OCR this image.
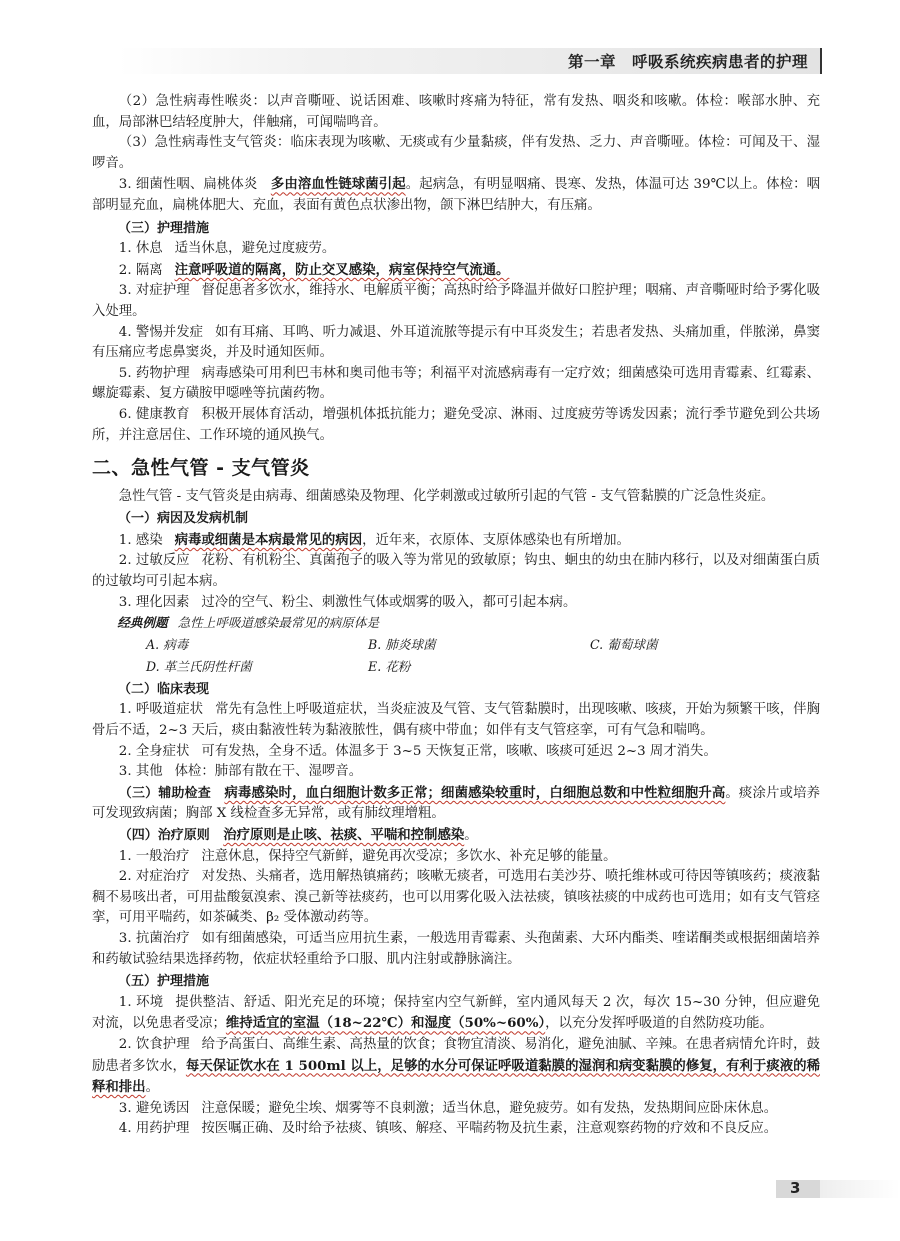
第一章　呼吸系统疾病患者的护理

（2）急性病毒性喉炎：以声音嘶哑、说话困难、咳嗽时疼痛为特征，常有发热、咽炎和咳嗽。体检：喉部水肿、充血，局部淋巴结轻度肿大，伴触痛，可闻喘鸣音。

（3）急性病毒性支气管炎：临床表现为咳嗽、无痰或有少量黏痰，伴有发热、乏力、声音嘶哑。体检：可闻及干、湿啰音。

3. 细菌性咽、扁桃体炎　 多由溶血性链球菌引起。起病急，有明显咽痛、畏寒、发热，体温可达 39℃以上。体检：咽部明显充血，扁桃体肥大、充血，表面有黄色点状渗出物，颌下淋巴结肿大，有压痛。

（三）护理措施

1. 休息 适当休息，避免过度疲劳。

2. 隔离 注意呼吸道的隔离，防止交叉感染，病室保持空气流通。

3. 对症护理 督促患者多饮水，维持水、电解质平衡；高热时给予降温并做好口腔护理；咽痛、声音嘶哑时给予雾化吸入处理。

4. 警惕并发症 如有耳痛、耳鸣、听力减退、外耳道流脓等提示有中耳炎发生；若患者发热、头痛加重，伴脓涕，鼻窦有压痛应考虑鼻窦炎，并及时通知医师。

5. 药物护理 病毒感染可用利巴韦林和奥司他韦等；利福平对流感病毒有一定疗效；细菌感染可选用青霉素、红霉素、螺旋霉素、复方磺胺甲噁唑等抗菌药物。

6. 健康教育 积极开展体育活动，增强机体抵抗能力；避免受凉、淋雨、过度疲劳等诱发因素；流行季节避免到公共场所，并注意居住、工作环境的通风换气。

二、急性气管 - 支气管炎

急性气管 - 支气管炎是由病毒、细菌感染及物理、化学刺激或过敏所引起的气管 - 支气管黏膜的广泛急性炎症。

（一）病因及发病机制

1. 感染 病毒或细菌是本病最常见的病因，近年来，衣原体、支原体感染也有所增加。

2. 过敏反应 花粉、有机粉尘、真菌孢子的吸入等为常见的致敏原；钩虫、蛔虫的幼虫在肺内移行，以及对细菌蛋白质的过敏均可引起本病。

3. 理化因素 过冷的空气、粉尘、刺激性气体或烟雾的吸入，都可引起本病。

经典例题 急性上呼吸道感染最常见的病原体是

A. 病毒	B. 肺炎球菌	C. 葡萄球菌
D. 革兰氏阴性杆菌	E. 花粉

（二）临床表现

1. 呼吸道症状 常先有急性上呼吸道症状，当炎症波及气管、支气管黏膜时，出现咳嗽、咳痰，开始为频繁干咳，伴胸骨后不适，2~3 天后，痰由黏液性转为黏液脓性，偶有痰中带血；如伴有支气管痉挛，可有气急和喘鸣。

2. 全身症状 可有发热，全身不适。体温多于 3~5 天恢复正常，咳嗽、咳痰可延迟 2~3 周才消失。

3. 其他 体检：肺部有散在干、湿啰音。

（三）辅助检查　 病毒感染时，血白细胞计数多正常；细菌感染较重时，白细胞总数和中性粒细胞升高。痰涂片或培养可发现致病菌；胸部 X 线检查多无异常，或有肺纹理增粗。

（四）治疗原则　 治疗原则是止咳、祛痰、平喘和控制感染。

1. 一般治疗 注意休息，保持空气新鲜，避免再次受凉；多饮水、补充足够的能量。

2. 对症治疗 对发热、头痛者，选用解热镇痛药；咳嗽无痰者，可选用右美沙芬、喷托维林或可待因等镇咳药；痰液黏稠不易咳出者，可用盐酸氨溴索、溴己新等祛痰药，也可以用雾化吸入法祛痰，镇咳祛痰的中成药也可选用；如有支气管痉挛，可用平喘药，如茶碱类、β₂ 受体激动药等。

3. 抗菌治疗 如有细菌感染，可适当应用抗生素，一般选用青霉素、头孢菌素、大环内酯类、喹诺酮类或根据细菌培养和药敏试验结果选择药物，依症状轻重给予口服、肌内注射或静脉滴注。

（五）护理措施

1. 环境 提供整洁、舒适、阳光充足的环境；保持室内空气新鲜，室内通风每天 2 次，每次 15~30 分钟，但应避免对流，以免患者受凉；维持适宜的室温（18~22℃）和湿度（50%~60%），以充分发挥呼吸道的自然防疫功能。

2. 饮食护理 给予高蛋白、高维生素、高热量的饮食；食物宜清淡、易消化，避免油腻、辛辣。在患者病情允许时，鼓励患者多饮水，每天保证饮水在 1 500ml 以上，足够的水分可保证呼吸道黏膜的湿润和病变黏膜的修复，有利于痰液的稀释和排出。

3. 避免诱因 注意保暖；避免尘埃、烟雾等不良刺激；适当休息，避免疲劳。如有发热，发热期间应卧床休息。

4. 用药护理 按医嘱正确、及时给予祛痰、镇咳、解痉、平喘药物及抗生素，注意观察药物的疗效和不良反应。

3
